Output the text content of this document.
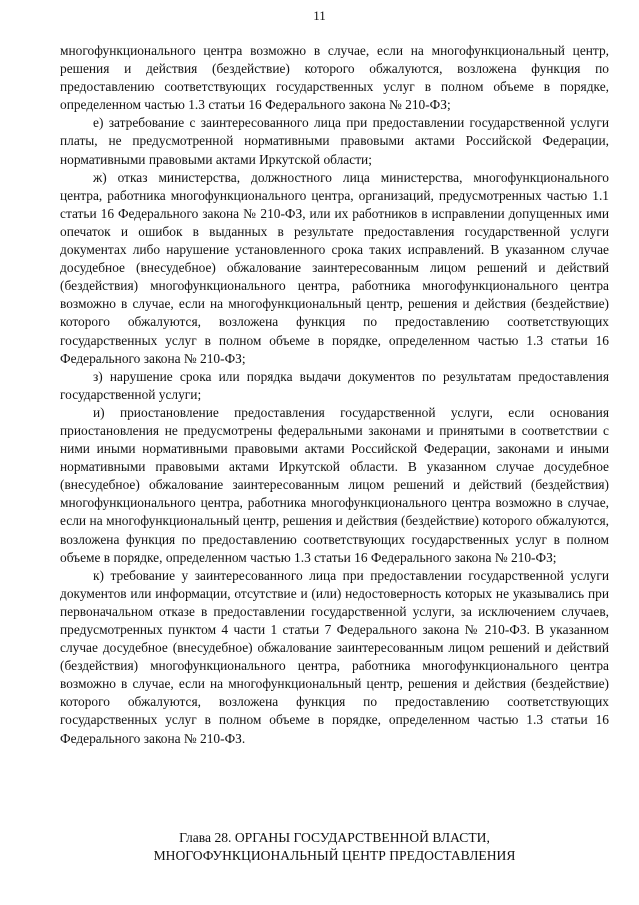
11

многофункционального центра возможно в случае, если на многофункциональный центр, решения и действия (бездействие) которого обжалуются, возложена функция по предоставлению соответствующих государственных услуг в полном объеме в порядке, определенном частью 1.3 статьи 16 Федерального закона № 210-ФЗ;

е) затребование с заинтересованного лица при предоставлении государственной услуги платы, не предусмотренной нормативными правовыми актами Российской Федерации, нормативными правовыми актами Иркутской области;

ж) отказ министерства, должностного лица министерства, многофункционального центра, работника многофункционального центра, организаций, предусмотренных частью 1.1 статьи 16 Федерального закона № 210-ФЗ, или их работников в исправлении допущенных ими опечаток и ошибок в выданных в результате предоставления государственной услуги документах либо нарушение установленного срока таких исправлений. В указанном случае досудебное (внесудебное) обжалование заинтересованным лицом решений и действий (бездействия) многофункционального центра, работника многофункционального центра возможно в случае, если на многофункциональный центр, решения и действия (бездействие) которого обжалуются, возложена функция по предоставлению соответствующих государственных услуг в полном объеме в порядке, определенном частью 1.3 статьи 16 Федерального закона № 210-ФЗ;

з) нарушение срока или порядка выдачи документов по результатам предоставления государственной услуги;

и) приостановление предоставления государственной услуги, если основания приостановления не предусмотрены федеральными законами и принятыми в соответствии с ними иными нормативными правовыми актами Российской Федерации, законами и иными нормативными правовыми актами Иркутской области. В указанном случае досудебное (внесудебное) обжалование заинтересованным лицом решений и действий (бездействия) многофункционального центра, работника многофункционального центра возможно в случае, если на многофункциональный центр, решения и действия (бездействие) которого обжалуются, возложена функция по предоставлению соответствующих государственных услуг в полном объеме в порядке, определенном частью 1.3 статьи 16 Федерального закона № 210-ФЗ;

к) требование у заинтересованного лица при предоставлении государственной услуги документов или информации, отсутствие и (или) недостоверность которых не указывались при первоначальном отказе в предоставлении государственной услуги, за исключением случаев, предусмотренных пунктом 4 части 1 статьи 7 Федерального закона № 210-ФЗ. В указанном случае досудебное (внесудебное) обжалование заинтересованным лицом решений и действий (бездействия) многофункционального центра, работника многофункционального центра возможно в случае, если на многофункциональный центр, решения и действия (бездействие) которого обжалуются, возложена функция по предоставлению соответствующих государственных услуг в полном объеме в порядке, определенном частью 1.3 статьи 16 Федерального закона № 210-ФЗ.

Глава 28. ОРГАНЫ ГОСУДАРСТВЕННОЙ ВЛАСТИ,
МНОГОФУНКЦИОНАЛЬНЫЙ ЦЕНТР ПРЕДОСТАВЛЕНИЯ
